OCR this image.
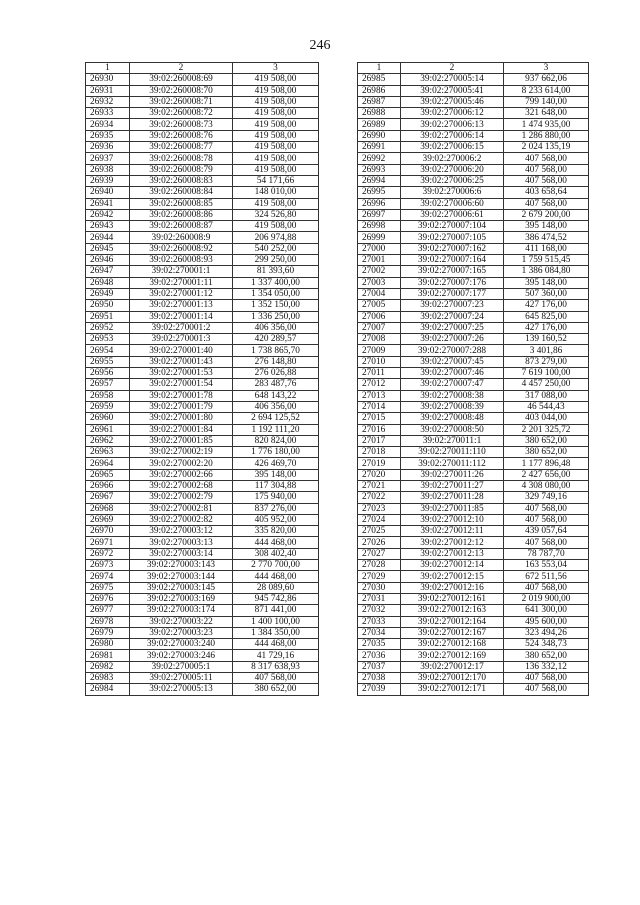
246
1	2	3
26930	39:02:260008:69	419 508,00
26931	39:02:260008:70	419 508,00
26932	39:02:260008:71	419 508,00
26933	39:02:260008:72	419 508,00
26934	39:02:260008:73	419 508,00
26935	39:02:260008:76	419 508,00
26936	39:02:260008:77	419 508,00
26937	39:02:260008:78	419 508,00
26938	39:02:260008:79	419 508,00
26939	39:02:260008:83	54 171,66
26940	39:02:260008:84	148 010,00
26941	39:02:260008:85	419 508,00
26942	39:02:260008:86	324 526,80
26943	39:02:260008:87	419 508,00
26944	39:02:260008:9	206 974,88
26945	39:02:260008:92	540 252,00
26946	39:02:260008:93	299 250,00
26947	39:02:270001:1	81 393,60
26948	39:02:270001:11	1 337 400,00
26949	39:02:270001:12	1 354 050,00
26950	39:02:270001:13	1 352 150,00
26951	39:02:270001:14	1 336 250,00
26952	39:02:270001:2	406 356,00
26953	39:02:270001:3	420 289,57
26954	39:02:270001:40	1 738 865,70
26955	39:02:270001:43	276 148,80
26956	39:02:270001:53	276 026,88
26957	39:02:270001:54	283 487,76
26958	39:02:270001:78	648 143,22
26959	39:02:270001:79	406 356,00
26960	39:02:270001:80	2 694 125,52
26961	39:02:270001:84	1 192 111,20
26962	39:02:270001:85	820 824,00
26963	39:02:270002:19	1 776 180,00
26964	39:02:270002:20	426 469,70
26965	39:02:270002:66	395 148,00
26966	39:02:270002:68	117 304,88
26967	39:02:270002:79	175 940,00
26968	39:02:270002:81	837 276,00
26969	39:02:270002:82	405 952,00
26970	39:02:270003:12	335 820,00
26971	39:02:270003:13	444 468,00
26972	39:02:270003:14	308 402,40
26973	39:02:270003:143	2 770 700,00
26974	39:02:270003:144	444 468,00
26975	39:02:270003:145	28 089,60
26976	39:02:270003:169	945 742,86
26977	39:02:270003:174	871 441,00
26978	39:02:270003:22	1 400 100,00
26979	39:02:270003:23	1 384 350,00
26980	39:02:270003:240	444 468,00
26981	39:02:270003:246	41 729,16
26982	39:02:270005:1	8 317 638,93
26983	39:02:270005:11	407 568,00
26984	39:02:270005:13	380 652,00
1	2	3
26985	39:02:270005:14	937 662,06
26986	39:02:270005:41	8 233 614,00
26987	39:02:270005:46	799 140,00
26988	39:02:270006:12	321 648,00
26989	39:02:270006:13	1 474 935,00
26990	39:02:270006:14	1 286 880,00
26991	39:02:270006:15	2 024 135,19
26992	39:02:270006:2	407 568,00
26993	39:02:270006:20	407 568,00
26994	39:02:270006:25	407 568,00
26995	39:02:270006:6	403 658,64
26996	39:02:270006:60	407 568,00
26997	39:02:270006:61	2 679 200,00
26998	39:02:270007:104	395 148,00
26999	39:02:270007:105	386 474,52
27000	39:02:270007:162	411 168,00
27001	39:02:270007:164	1 759 515,45
27002	39:02:270007:165	1 386 084,80
27003	39:02:270007:176	395 148,00
27004	39:02:270007:177	507 360,00
27005	39:02:270007:23	427 176,00
27006	39:02:270007:24	645 825,00
27007	39:02:270007:25	427 176,00
27008	39:02:270007:26	139 160,52
27009	39:02:270007:288	3 401,86
27010	39:02:270007:45	873 279,00
27011	39:02:270007:46	7 619 100,00
27012	39:02:270007:47	4 457 250,00
27013	39:02:270008:38	317 088,00
27014	39:02:270008:39	46 544,43
27015	39:02:270008:48	403 044,00
27016	39:02:270008:50	2 201 325,72
27017	39:02:270011:1	380 652,00
27018	39:02:270011:110	380 652,00
27019	39:02:270011:112	1 177 896,48
27020	39:02:270011:26	2 427 656,00
27021	39:02:270011:27	4 308 080,00
27022	39:02:270011:28	329 749,16
27023	39:02:270011:85	407 568,00
27024	39:02:270012:10	407 568,00
27025	39:02:270012:11	439 057,64
27026	39:02:270012:12	407 568,00
27027	39:02:270012:13	78 787,70
27028	39:02:270012:14	163 553,04
27029	39:02:270012:15	672 511,56
27030	39:02:270012:16	407 568,00
27031	39:02:270012:161	2 019 900,00
27032	39:02:270012:163	641 300,00
27033	39:02:270012:164	495 600,00
27034	39:02:270012:167	323 494,26
27035	39:02:270012:168	524 348,73
27036	39:02:270012:169	380 652,00
27037	39:02:270012:17	136 332,12
27038	39:02:270012:170	407 568,00
27039	39:02:270012:171	407 568,00
